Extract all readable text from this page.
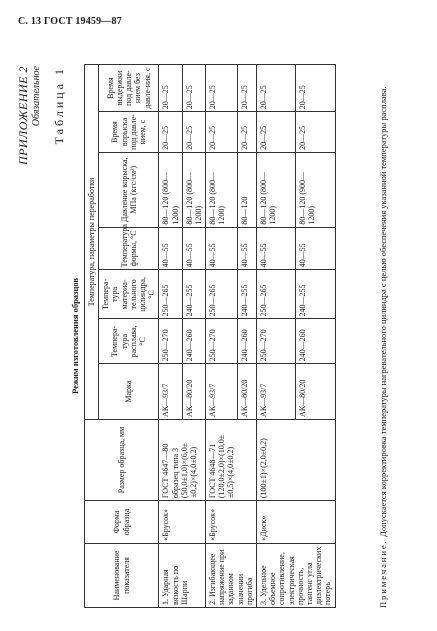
С. 13 ГОСТ 19459—87
ПРИЛОЖЕНИЕ 2 Обязательное Таблица 1
Режим изготовления образцов
Наименование показателя	Форма образца	Размер образца, мм	Температура, параметры переработки						
			Марка	Темпера-тура расплава, °С	Темпера-тура материа-тельного цилиндра, °С	Температура формы, °С	Давление впрыска, МПа (кгс/см²)	Время впрыска под давле-нием, с	Время выдержки под давле-нием без давле-ния, с
1. Ударная вязкость по Шарпи	«Брусок»	ГОСТ 4647—80 образец типа 3 (50,0±1,0)×(6,0± ±0,2)×(4,0±0,2)	АК—93/7	250—270	250—265	40—55	80—120 (800—1200)	20—25	20—25
			АК—80/20	240—260	240—255	40—55	80—120 (800—1200)	20—25	20—25
2. Изгибающее напряжение при заданном значении прогиба	«Брусок»	ГОСТ 4648—71 (120,0±2,0)×(10,0± ±0,5)×(4,0±0,2)	АК—93/7	250—270	250—265	40—55	80—120 (800—1200)	20—25	20—25
			АК—80/20	240—260	240—255	40—55	80—120	20—25	20—25
3. Удельное объемное сопротивление, электрическая прочность, тангенс угла диэлектрических потерь	«Диск»	(100±1)×(2,0±0,2)	АК—93/7	250—270	250—265	40—55	80—120 (800—1200)	20—25	20—25
			АК—80/20	240—260	240—255	40—55	80—120 (900—1200)	20—25	20—25
Примечание. Допускается корректировка температуры нагревательного цилиндра с целью обеспечения указанной температуры расплава.
